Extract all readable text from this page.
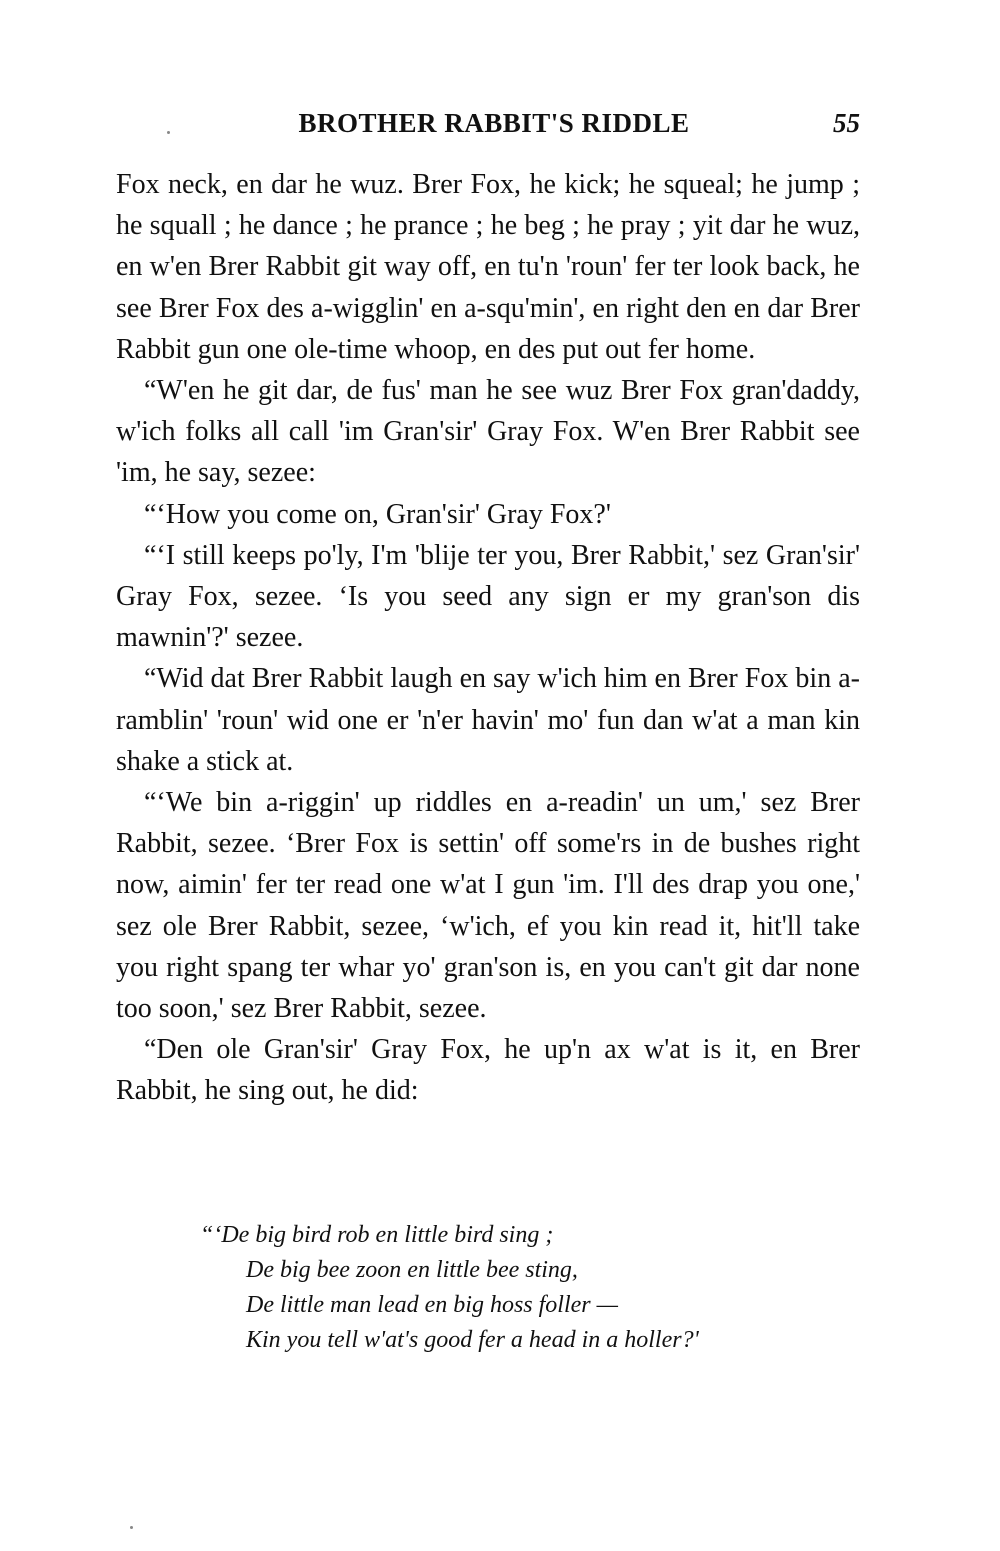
BROTHER RABBIT'S RIDDLE	55

Fox neck, en dar he wuz. Brer Fox, he kick; he squeal; he jump ; he squall ; he dance ; he prance ; he beg ; he pray ; yit dar he wuz, en w'en Brer Rabbit git way off, en tu'n 'roun' fer ter look back, he see Brer Fox des a-wigglin' en a-squ'min', en right den en dar Brer Rabbit gun one ole-time whoop, en des put out fer home.

“W'en he git dar, de fus' man he see wuz Brer Fox gran'daddy, w'ich folks all call 'im Gran'sir' Gray Fox. W'en Brer Rabbit see 'im, he say, sezee:

“‘How you come on, Gran'sir' Gray Fox?'

“‘I still keeps po'ly, I'm 'blije ter you, Brer Rabbit,' sez Gran'sir' Gray Fox, sezee. ‘Is you seed any sign er my gran'son dis mawnin'?' sezee.

“Wid dat Brer Rabbit laugh en say w'ich him en Brer Fox bin a-ramblin' 'roun' wid one er 'n'er havin' mo' fun dan w'at a man kin shake a stick at.

“‘We bin a-riggin' up riddles en a-readin' un um,' sez Brer Rabbit, sezee. ‘Brer Fox is settin' off some'rs in de bushes right now, aimin' fer ter read one w'at I gun 'im. I'll des drap you one,' sez ole Brer Rabbit, sezee, ‘w'ich, ef you kin read it, hit'll take you right spang ter whar yo' gran'son is, en you can't git dar none too soon,' sez Brer Rabbit, sezee.

“Den ole Gran'sir' Gray Fox, he up'n ax w'at is it, en Brer Rabbit, he sing out, he did:

“‘De big bird rob en little bird sing ;
De big bee zoon en little bee sting,
De little man lead en big hoss foller —
Kin you tell w'at's good fer a head in a holler?'
